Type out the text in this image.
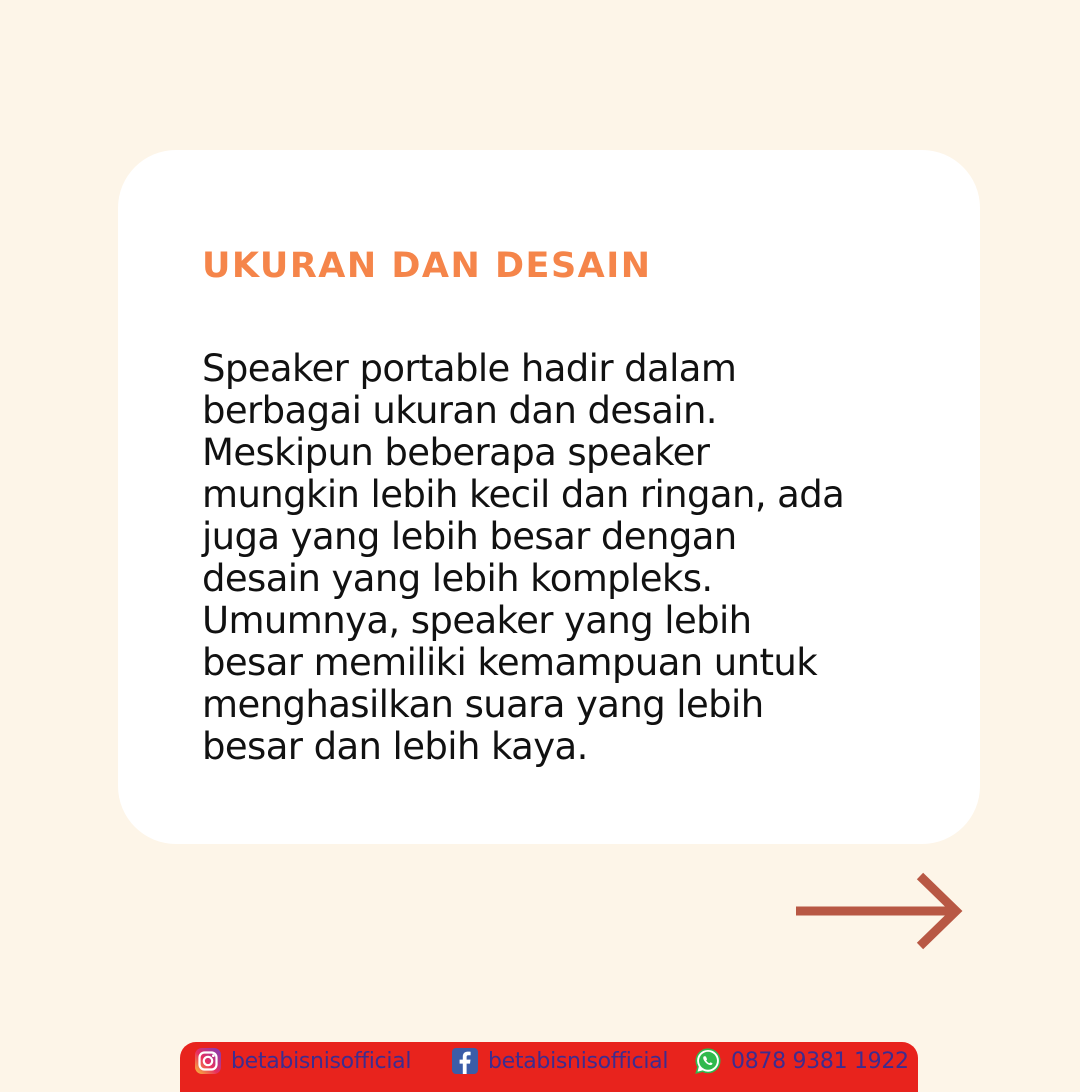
UKURAN DAN DESAIN

Speaker portable hadir dalam
berbagai ukuran dan desain.
Meskipun beberapa speaker
mungkin lebih kecil dan ringan, ada
juga yang lebih besar dengan
desain yang lebih kompleks.
Umumnya, speaker yang lebih
besar memiliki kemampuan untuk
menghasilkan suara yang lebih
besar dan lebih kaya.

betabisnisofficial	betabisnisofficial	0878 9381 1922
